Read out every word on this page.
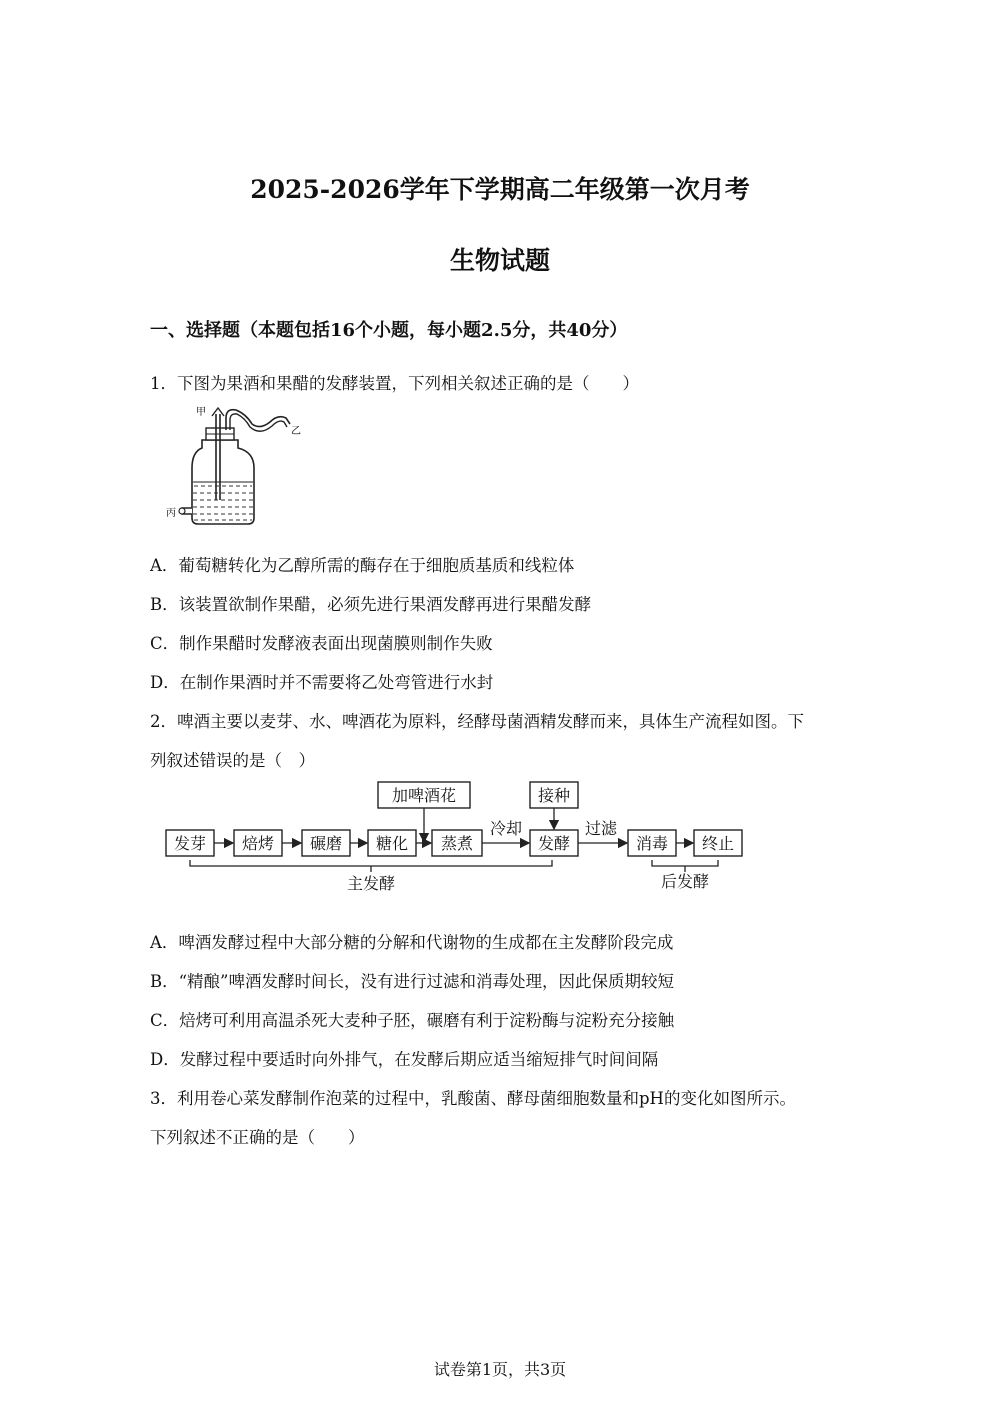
2025-2026学年下学期高二年级第一次月考
生物试题
一、选择题（本题包括16个小题，每小题2.5分，共40分）
1．下图为果酒和果醋的发酵装置，下列相关叙述正确的是（　　）
甲
乙
丙
A．葡萄糖转化为乙醇所需的酶存在于细胞质基质和线粒体
B．该装置欲制作果醋，必须先进行果酒发酵再进行果醋发酵
C．制作果醋时发酵液表面出现菌膜则制作失败
D．在制作果酒时并不需要将乙处弯管进行水封
2．啤酒主要以麦芽、水、啤酒花为原料，经酵母菌酒精发酵而来，具体生产流程如图。下
列叙述错误的是（　）
发芽 焙烤 碾磨 糖化 蒸煮	发酵	消毒 终止
加啤酒花	接种
冷却	过滤
主发酵	后发酵
A．啤酒发酵过程中大部分糖的分解和代谢物的生成都在主发酵阶段完成
B．“精酿”啤酒发酵时间长，没有进行过滤和消毒处理，因此保质期较短
C．焙烤可利用高温杀死大麦种子胚，碾磨有利于淀粉酶与淀粉充分接触
D．发酵过程中要适时向外排气，在发酵后期应适当缩短排气时间间隔
3．利用卷心菜发酵制作泡菜的过程中，乳酸菌、酵母菌细胞数量和pH的变化如图所示。
下列叙述不正确的是（　　）
试卷第1页，共3页
